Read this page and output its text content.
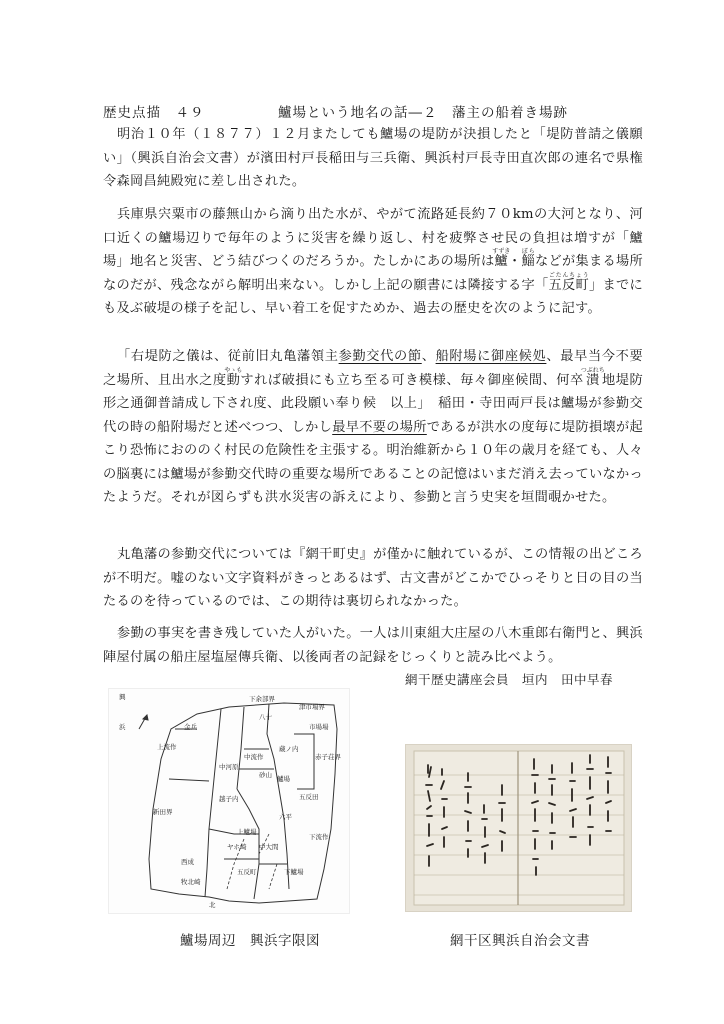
歴史点描　４９	鱸場という地名の話―２　藩主の船着き場跡

明治１０年（１８７７）１２月またしても鱸場の堤防が決損したと「堤防普請之儀願い」（興浜自治会文書）が濱田村戸長稲田与三兵衛、興浜村戸長寺田直次郎の連名で県権令森岡昌純殿宛に差し出された。

兵庫県宍粟市の藤無山から滴り出た水が、やがて流路延長約７０kmの大河となり、河口近くの鱸場辺りで毎年のように災害を繰り返し、村を疲弊させ民の負担は増すが「鱸場」地名と災害、どう結びつくのだろうか。たしかにあの場所は鱸すずき・鯔ぼらなどが集まる場所なのだが、残念ながら解明出来ない。しかし上記の願書には隣接する字「五反町ごたんちょう」までにも及ぶ破堤の様子を記し、早い着工を促すためか、過去の歴史を次のように記す。

「右堤防之儀は、従前旧丸亀藩領主参勤交代の節、船附場に御座候処、最早当今不要之場所、且出水之度動やゝもすれば破損にも立ち至る可き模様、毎々御座候間、何卒潰つぶれち地堤防形之通御普請成し下され度、此段願い奉り候　以上」　稲田・寺田両戸長は鱸場が参勤交代の時の船附場だと述べつつ、しかし最早不要の場所であるが洪水の度毎に堤防損壊が起こり恐怖におののく村民の危険性を主張する。明治維新から１０年の歳月を経ても、人々の脳裏には鱸場が参勤交代時の重要な場所であることの記憶はいまだ消え去っていなかったようだ。それが図らずも洪水災害の訴えにより、参勤と言う史実を垣間覗かせた。

丸亀藩の参勤交代については『網干町史』が僅かに触れているが、この情報の出どころが不明だ。嘘のない文字資料がきっとあるはず、古文書がどこかでひっそりと日の目の当たるのを待っているのでは、この期待は裏切られなかった。

参勤の事実を書き残していた人がいた。一人は川東組大庄屋の八木重郎右衛門と、興浜陣屋付属の船庄屋塩屋傳兵衛、以後両者の記録をじっくりと読み比べよう。

網干歴史講座会員　垣内　田中早春
興
浜
下余部界
津市場界
市場場
金兵
八十
上流作	蔵ノ内
赤子荘界
中河原
中流作
砂山 鱸場
五反田
新田界
越子内
六平
上鱸場
ヤホ崎 中大間
西成
下流作
五反町	下鱸場
牧北崎
北
鱸場周辺　興浜字限図	網干区興浜自治会文書
